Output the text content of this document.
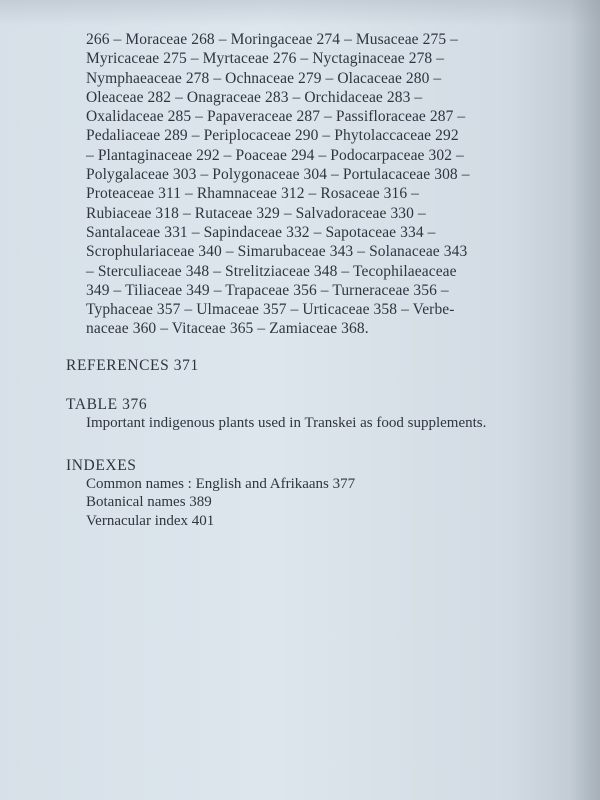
266 – Moraceae 268 – Moringaceae 274 – Musaceae 275 –
Myricaceae 275 – Myrtaceae 276 – Nyctaginaceae 278 –
Nymphaeaceae 278 – Ochnaceae 279 – Olacaceae 280 –
Oleaceae 282 – Onagraceae 283 – Orchidaceae 283 –
Oxalidaceae 285 – Papaveraceae 287 – Passifloraceae 287 –
Pedaliaceae 289 – Periplocaceae 290 – Phytolaccaceae 292
– Plantaginaceae 292 – Poaceae 294 – Podocarpaceae 302 –
Polygalaceae 303 – Polygonaceae 304 – Portulacaceae 308 –
Proteaceae 311 – Rhamnaceae 312 – Rosaceae 316 –
Rubiaceae 318 – Rutaceae 329 – Salvadoraceae 330 –
Santalaceae 331 – Sapindaceae 332 – Sapotaceae 334 –
Scrophulariaceae 340 – Simarubaceae 343 – Solanaceae 343
– Sterculiaceae 348 – Strelitziaceae 348 – Tecophilaeaceae
349 – Tiliaceae 349 – Trapaceae 356 – Turneraceae 356 –
Typhaceae 357 – Ulmaceae 357 – Urticaceae 358 – Verbe-
naceae 360 – Vitaceae 365 – Zamiaceae 368.
REFERENCES 371
TABLE 376
Important indigenous plants used in Transkei as food supplements.
INDEXES
Common names : English and Afrikaans 377
Botanical names 389
Vernacular index 401
